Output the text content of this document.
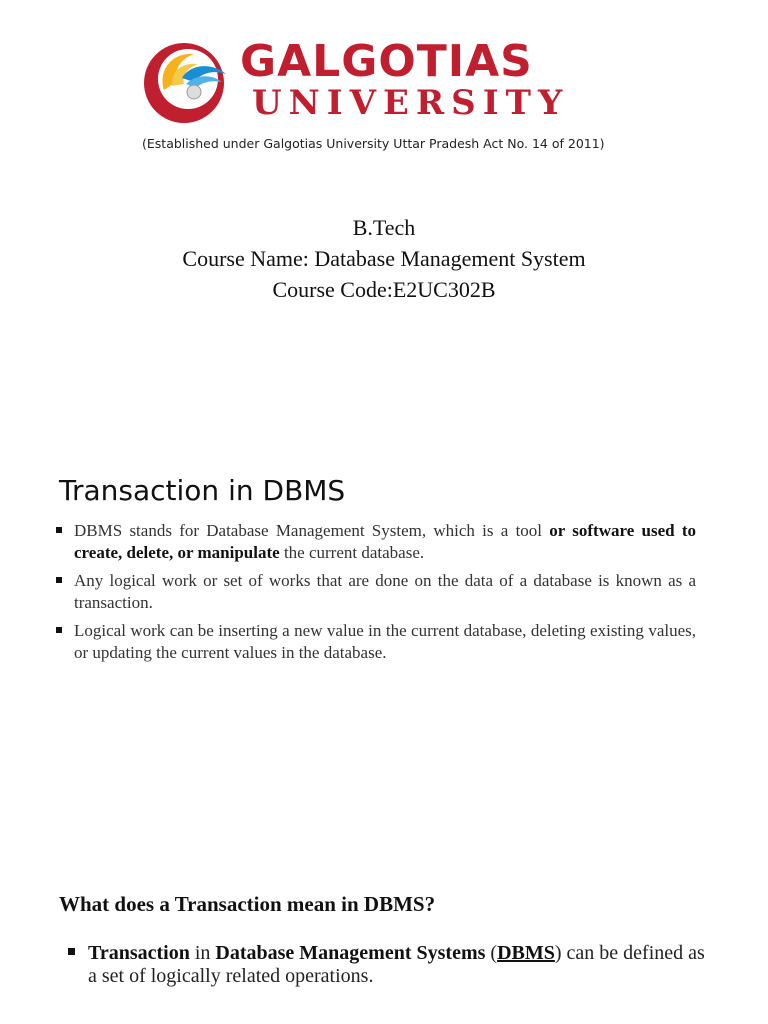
GALGOTIAS
UNIVERSITY
(Established under Galgotias University Uttar Pradesh Act No. 14 of 2011)
B.Tech
Course Name: Database Management System
Course Code:E2UC302B
Transaction in DBMS
DBMS stands for Database Management System, which is a tool or software used to create, delete, or manipulate the current database.
Any logical work or set of works that are done on the data of a database is known as a transaction.
Logical work can be inserting a new value in the current database, deleting existing values, or updating the current values in the database.
What does a Transaction mean in DBMS?
Transaction in Database Management Systems (DBMS) can be defined as a set of logically related operations.
